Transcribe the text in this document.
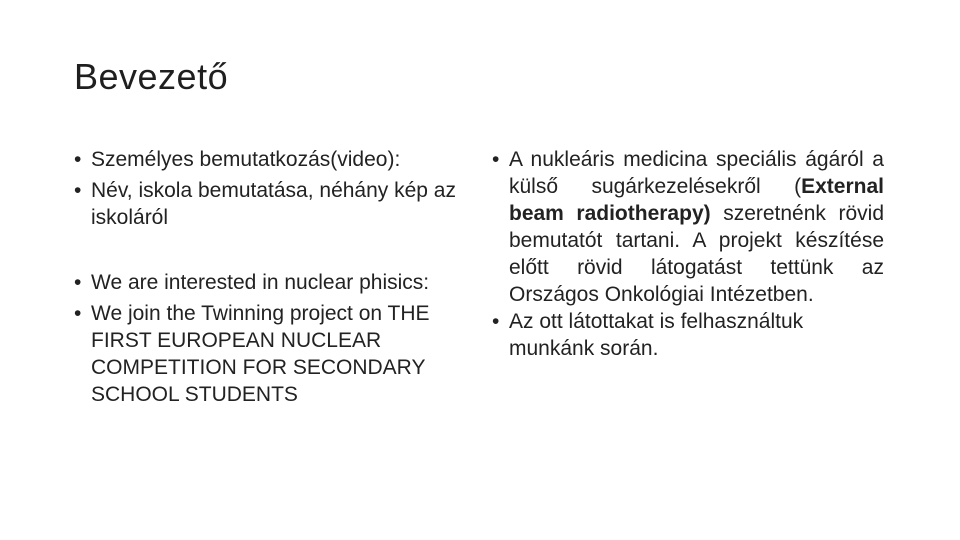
Bevezető
• Személyes bemutatkozás(video):
• Név, iskola bemutatása, néhány kép az iskoláról
• We are interested in nuclear phisics:
• We join the Twinning project on THE FIRST EUROPEAN NUCLEAR COMPETITION FOR SECONDARY SCHOOL STUDENTS
• A nukleáris medicina speciális ágáról a külső sugárkezelésekről (External beam radiotherapy) szeretnénk rövid bemutatót tartani. A projekt készítése előtt rövid látogatást tettünk az Országos Onkológiai Intézetben.
• Az ott látottakat is felhasználtuk munkánk során.
